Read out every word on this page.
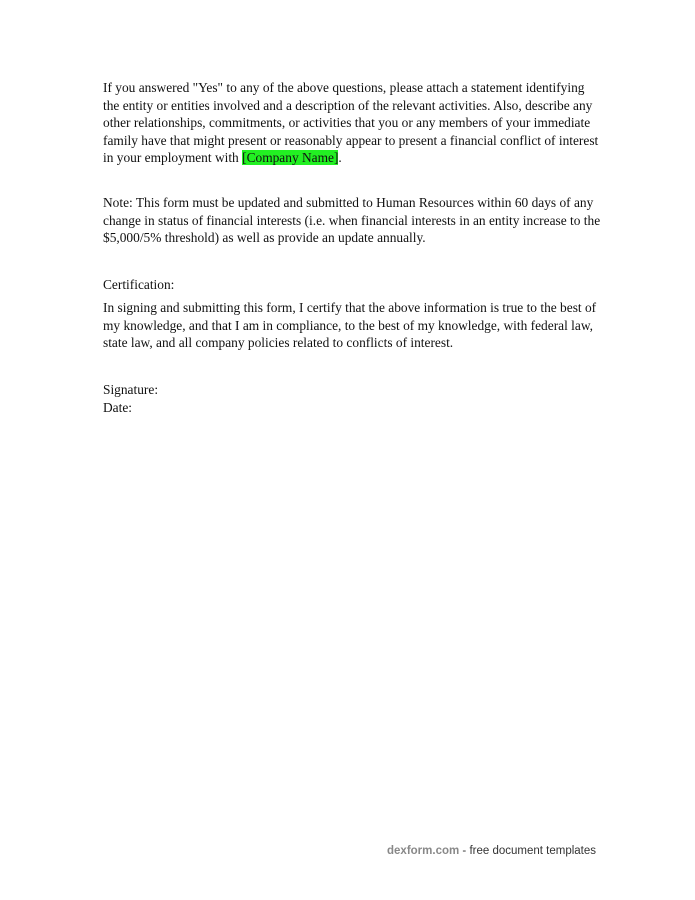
If you answered "Yes" to any of the above questions, please attach a statement identifying the entity or entities involved and a description of the relevant activities. Also, describe any other relationships, commitments, or activities that you or any members of your immediate family have that might present or reasonably appear to present a financial conflict of interest in your employment with [Company Name].

Note: This form must be updated and submitted to Human Resources within 60 days of any change in status of financial interests (i.e. when financial interests in an entity increase to the $5,000/5% threshold) as well as provide an update annually.

Certification:

In signing and submitting this form, I certify that the above information is true to the best of my knowledge, and that I am in compliance, to the best of my knowledge, with federal law, state law, and all company policies related to conflicts of interest.

Signature:
Date:
dexform.com - free document templates
